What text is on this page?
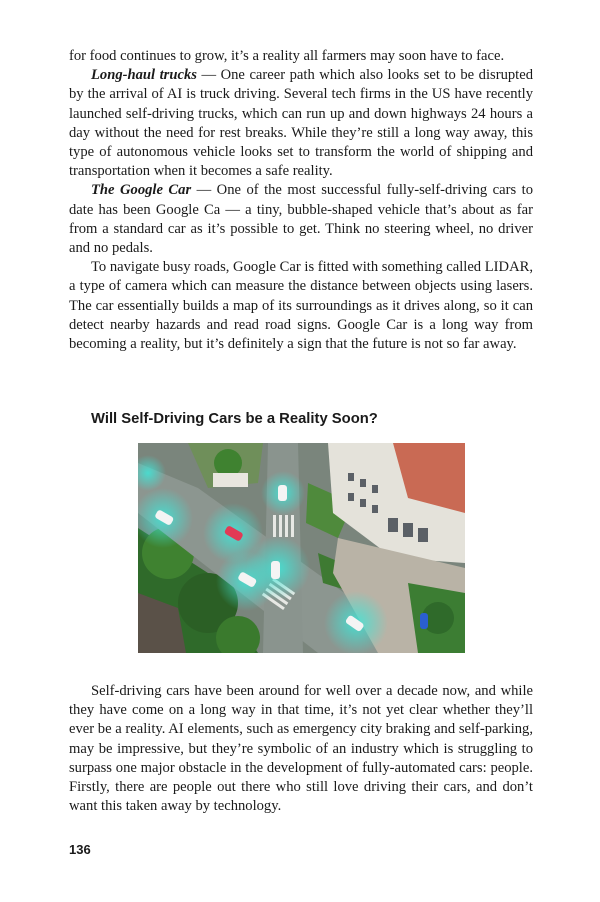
for food continues to grow, it’s a reality all farmers may soon have to face.

Long-haul trucks — One career path which also looks set to be disrupted by the arrival of AI is truck driving. Several tech firms in the US have recently launched self-driving trucks, which can run up and down highways 24 hours a day without the need for rest breaks. While they’re still a long way away, this type of autonomous vehicle looks set to transform the world of shipping and transportation when it becomes a safe reality.

The Google Car — One of the most successful fully-self-driving cars to date has been Google Ca — a tiny, bubble-shaped vehicle that’s about as far from a standard car as it’s possible to get. Think no steering wheel, no driver and no pedals.

To navigate busy roads, Google Car is fitted with something called LIDAR, a type of camera which can measure the distance between objects using lasers. The car essentially builds a map of its surroundings as it drives along, so it can detect nearby hazards and read road signs. Google Car is a long way from becoming a reality, but it’s definitely a sign that the future is not so far away.

Will Self-Driving Cars be a Reality Soon?

Self-driving cars have been around for well over a decade now, and while they have come on a long way in that time, it’s not yet clear whether they’ll ever be a reality. AI elements, such as emergency city braking and self-parking, may be impressive, but they’re symbolic of an industry which is struggling to surpass one major obstacle in the development of fully-automated cars: people. Firstly, there are people out there who still love driving their cars, and don’t want this taken away by technology.

136
